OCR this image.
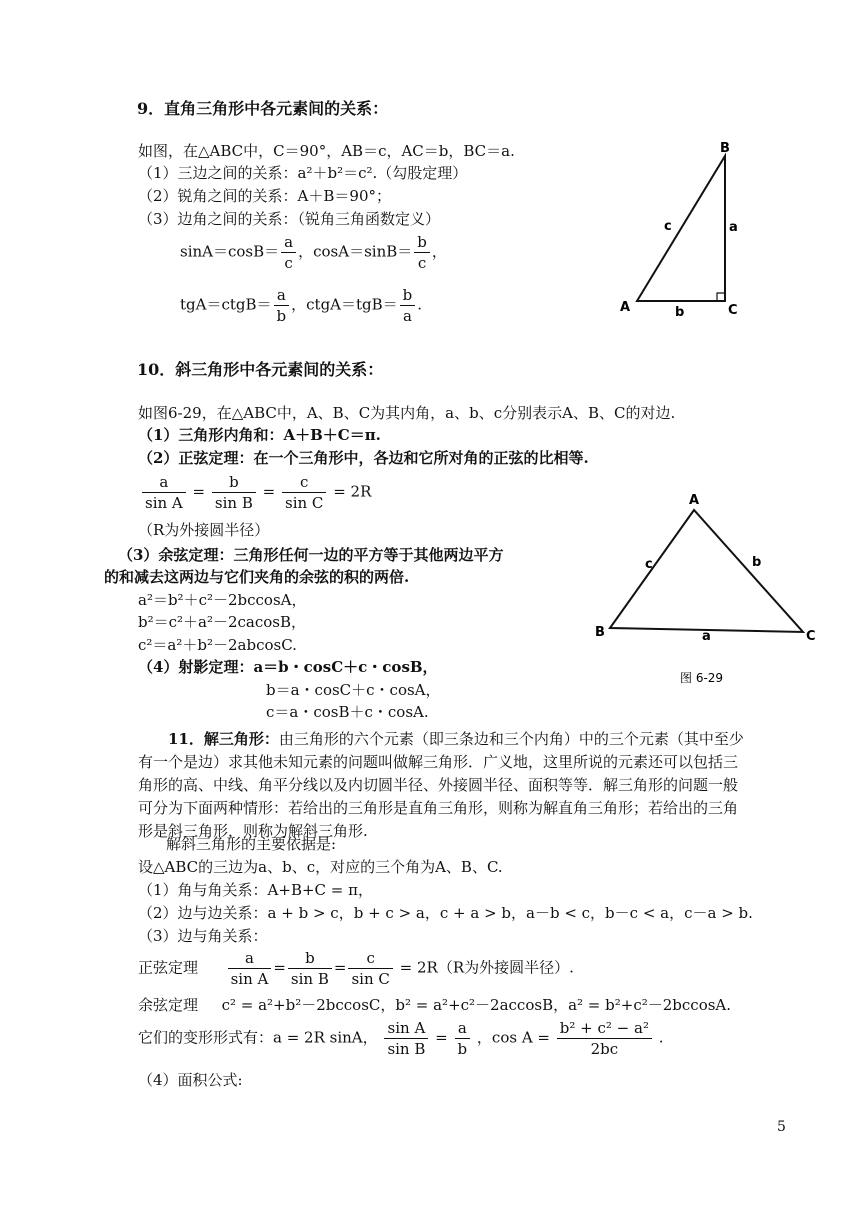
9．直角三角形中各元素间的关系：
如图，在△ABC中，C＝90°，AB＝c，AC＝b，BC＝a.
（1）三边之间的关系：a²＋b²＝c².（勾股定理）
（2）锐角之间的关系：A＋B＝90°；
（3）边角之间的关系：（锐角三角函数定义）
$\sin A=\cos B= \frac{a}{c}$ ，$\cos A=\sin B= \frac{b}{c}$ ，
tgA＝ctgB＝ $\frac{a}{b}$ ，ctgA＝tgB＝ $\frac{b}{a}$ .
B
A	C
a
b
c
10．斜三角形中各元素间的关系：
如图6-29，在△ABC中，A、B、C为其内角，a、b、c分别表示A、B、C的对边.
（1）三角形内角和：A＋B＋C＝π.
（2）正弦定理：在一个三角形中，各边和它所对角的正弦的比相等.
$\frac{a}{\text{sin A}} = \frac{b}{\text{sin B}} = \frac{c}{\text{sin C}} = 2R$
（R为外接圆半径）
（3）余弦定理：三角形任何一边的平方等于其他两边平方
的和减去这两边与它们夹角的余弦的积的两倍.
a²＝b²＋c²－2bccosA，
b²＝c²＋a²－2cacosB，
c²＝a²＋b²－2abcosC.
（4）射影定理：a＝b・cosC＋c・cosB，
b＝a・cosC＋c・cosA，
c＝a・cosB＋c・cosA.
A
B	C
a
b
c
图 6-29
11．解三角形：由三角形的六个元素（即三条边和三个内角）中的三个元素（其中至少有一个是边）求其他未知元素的问题叫做解三角形．广义地，这里所说的元素还可以包括三角形的高、中线、角平分线以及内切圆半径、外接圆半径、面积等等．解三角形的问题一般可分为下面两种情形：若给出的三角形是直角三角形，则称为解直角三角形；若给出的三角形是斜三角形，则称为解斜三角形.
解斜三角形的主要依据是:
设△ABC的三边为a、b、c，对应的三个角为A、B、C.
（1）角与角关系：A+B+C = π，
（2）边与边关系：a + b > c，b + c > a，c + a > b，a－b < c，b－c < a，c－a > b.
（3）边与角关系：
正弦定理 $\frac{a}{\text{sin A}} = \frac{b}{\text{sin B}} = \frac{c}{\text{sin C}} = 2R(R$为外接圆半径）.
余弦定理 c² = a²+b²－2bccosC，b² = a²+c²－2accosB，a² = b²+c²－2bccosA.
它们的变形形式有：a = 2R sinA， $\frac{\text{sin A}}{\text{sin B}} = \frac{a}{b}$ ，$\cos A = \frac{\text{b² + c² − a²}}{2bc}$ .
（4）面积公式:
5
